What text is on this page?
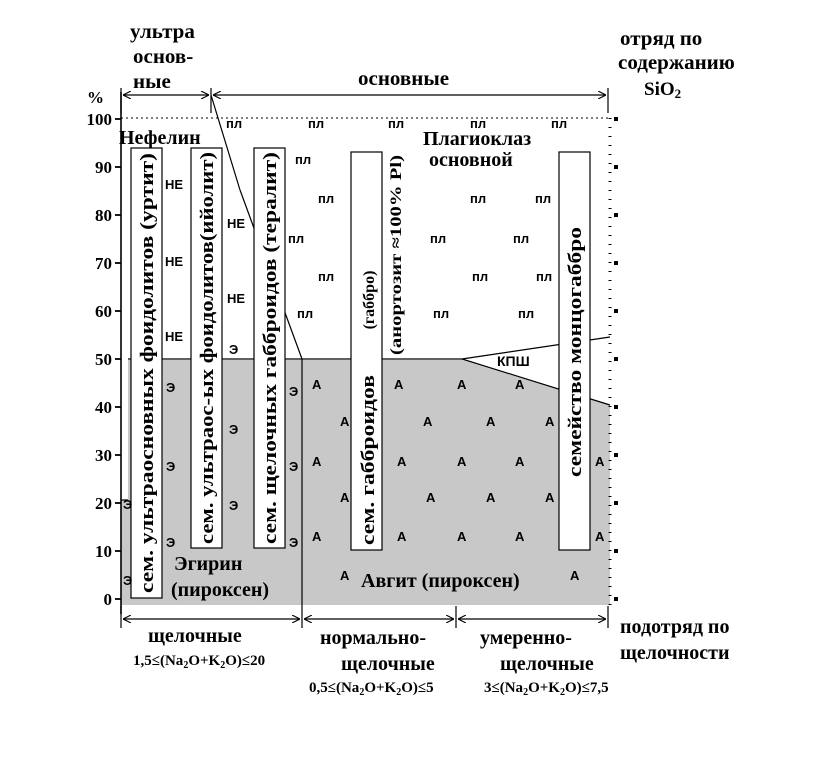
%
100
90
80
70
60
50
40
30
20
10
0
ультра
основ-
ные	основные
отряд по
содержанию
SiO2
сем. ультраосновных фоидолитов (уртит) сем. ультраос-ых фоидолитов(ийолит) сем. щелочных габброидов (тералит)	сем. габброидов	семейство монцогаббро
(габбро) (анортозит ≈100% Pl)
Нефелин	Плагиоклаз
основной
Эгирин
(пироксен)	Авгит (пироксен)
КПШ
пл	пл	пл	пл	пл
пл
пл	пл	пл
пл	пл	пл
пл	пл	пл
пл	пл	пл
НЕ
НЕ
НЕ
НЕ
НЕ
Э
Э
Э
Э
Э
Э
Э
Э
Э
Э
Э
А	А	А	А
А	А	А	А
А	А	А	А	А
А	А	А	А
А	А	А	А	А
А	А
щелочные
$1,5\le(Na_2O+K_2O)\le 20$
нормально-
щелочные
$0,5\le(Na_2O+K_2O)\le 5$
умеренно-
щелочные
$3\le(Na_2O+K_2O)\le 7,5$
подотряд по
щелочности
